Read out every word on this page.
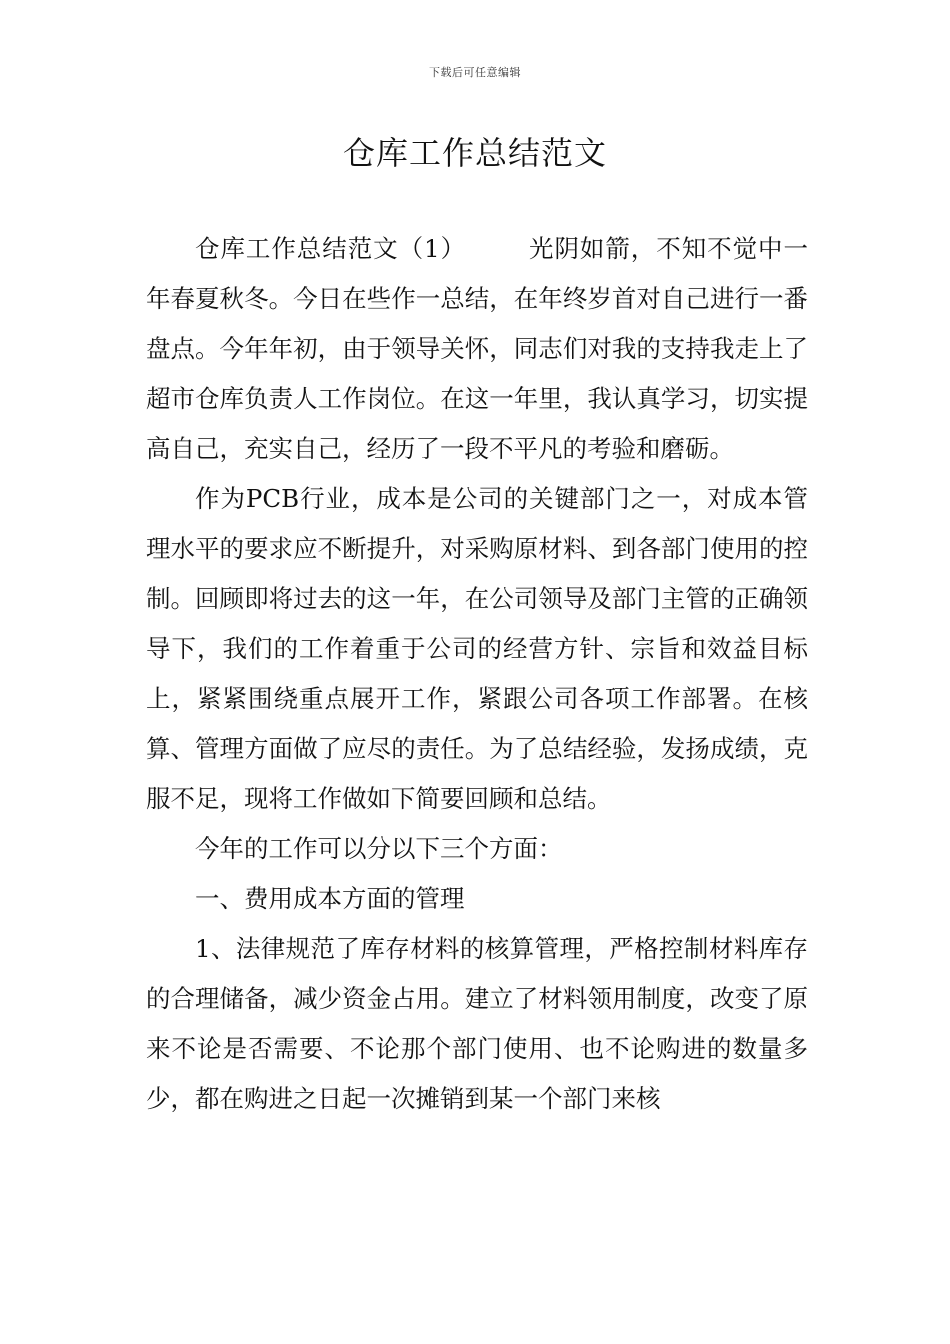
下载后可任意编辑
仓库工作总结范文

仓库工作总结范文（1）	光阴如箭，不知不觉中一年春夏秋冬。今日在些作一总结，在年终岁首对自己进行一番盘点。今年年初，由于领导关怀，同志们对我的支持我走上了超市仓库负责人工作岗位。在这一年里，我认真学习，切实提高自己，充实自己，经历了一段不平凡的考验和磨砺。

作为PCB行业，成本是公司的关键部门之一，对成本管理水平的要求应不断提升，对采购原材料、到各部门使用的控制。回顾即将过去的这一年，在公司领导及部门主管的正确领导下，我们的工作着重于公司的经营方针、宗旨和效益目标上，紧紧围绕重点展开工作，紧跟公司各项工作部署。在核算、管理方面做了应尽的责任。为了总结经验，发扬成绩，克服不足，现将工作做如下简要回顾和总结。

今年的工作可以分以下三个方面：

一、费用成本方面的管理

1、法律规范了库存材料的核算管理，严格控制材料库存的合理储备，减少资金占用。建立了材料领用制度，改变了原来不论是否需要、不论那个部门使用、也不论购进的数量多少，都在购进之日起一次摊销到某一个部门来核
